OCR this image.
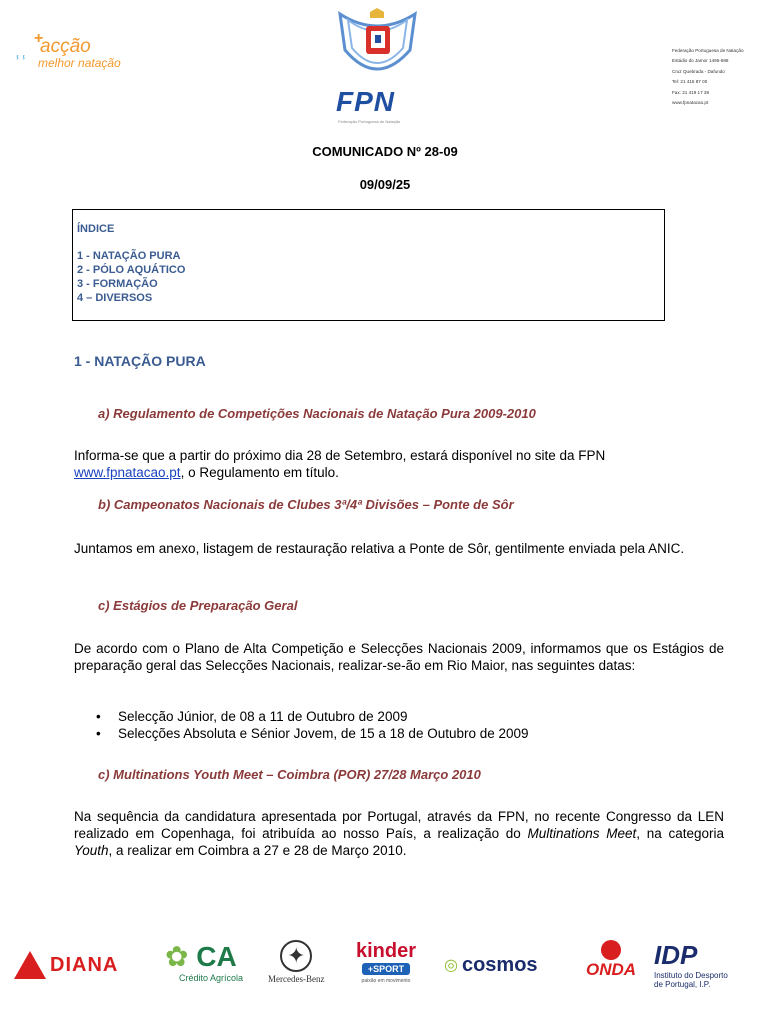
+
ⸯ ⸯ
acção
melhor natação
FPN
Federação Portuguesa de Natação
Federação Portuguesa de Natação
Estádio do Jamor 1495-688
Cruz Quebrada - Dafundo
Tel: 21 415 87 00
Fax: 21 419 17 39
www.fpnatacao.pt
COMUNICADO Nº 28-09
09/09/25
ÍNDICE
1 - NATAÇÃO PURA
2 - PÓLO AQUÁTICO
3 - FORMAÇÃO
4 – DIVERSOS
1 - NATAÇÃO PURA
a) Regulamento de Competições Nacionais de Natação Pura 2009-2010
Informa-se que a partir do próximo dia 28 de Setembro, estará disponível no site da FPN
www.fpnatacao.pt, o Regulamento em título.
b) Campeonatos Nacionais de Clubes 3ª/4ª Divisões – Ponte de Sôr
Juntamos em anexo, listagem de restauração relativa a Ponte de Sôr, gentilmente enviada pela ANIC.
c) Estágios de Preparação Geral
De acordo com o Plano de Alta Competição e Selecções Nacionais 2009, informamos que os Estágios de preparação geral das Selecções Nacionais, realizar-se-ão em Rio Maior, nas seguintes datas:
• Selecção Júnior, de 08 a 11 de Outubro de 2009
• Selecções Absoluta e Sénior Jovem, de 15 a 18 de Outubro de 2009
c) Multinations Youth Meet – Coimbra (POR) 27/28 Março 2010
Na sequência da candidatura apresentada por Portugal, através da FPN, no recente Congresso da LEN realizado em Copenhaga, foi atribuída ao nosso País, a realização do Multinations Meet, na categoria Youth, a realizar em Coimbra a 27 e 28 de Março 2010.
DIANA ✿ CA
Crédito Agrícola
✦
Mercedes-Benz
kinder
+SPORT
paixão em movimento
◎ cosmos	ONDA IDP
Instituto do Desporto
de Portugal, I.P.
